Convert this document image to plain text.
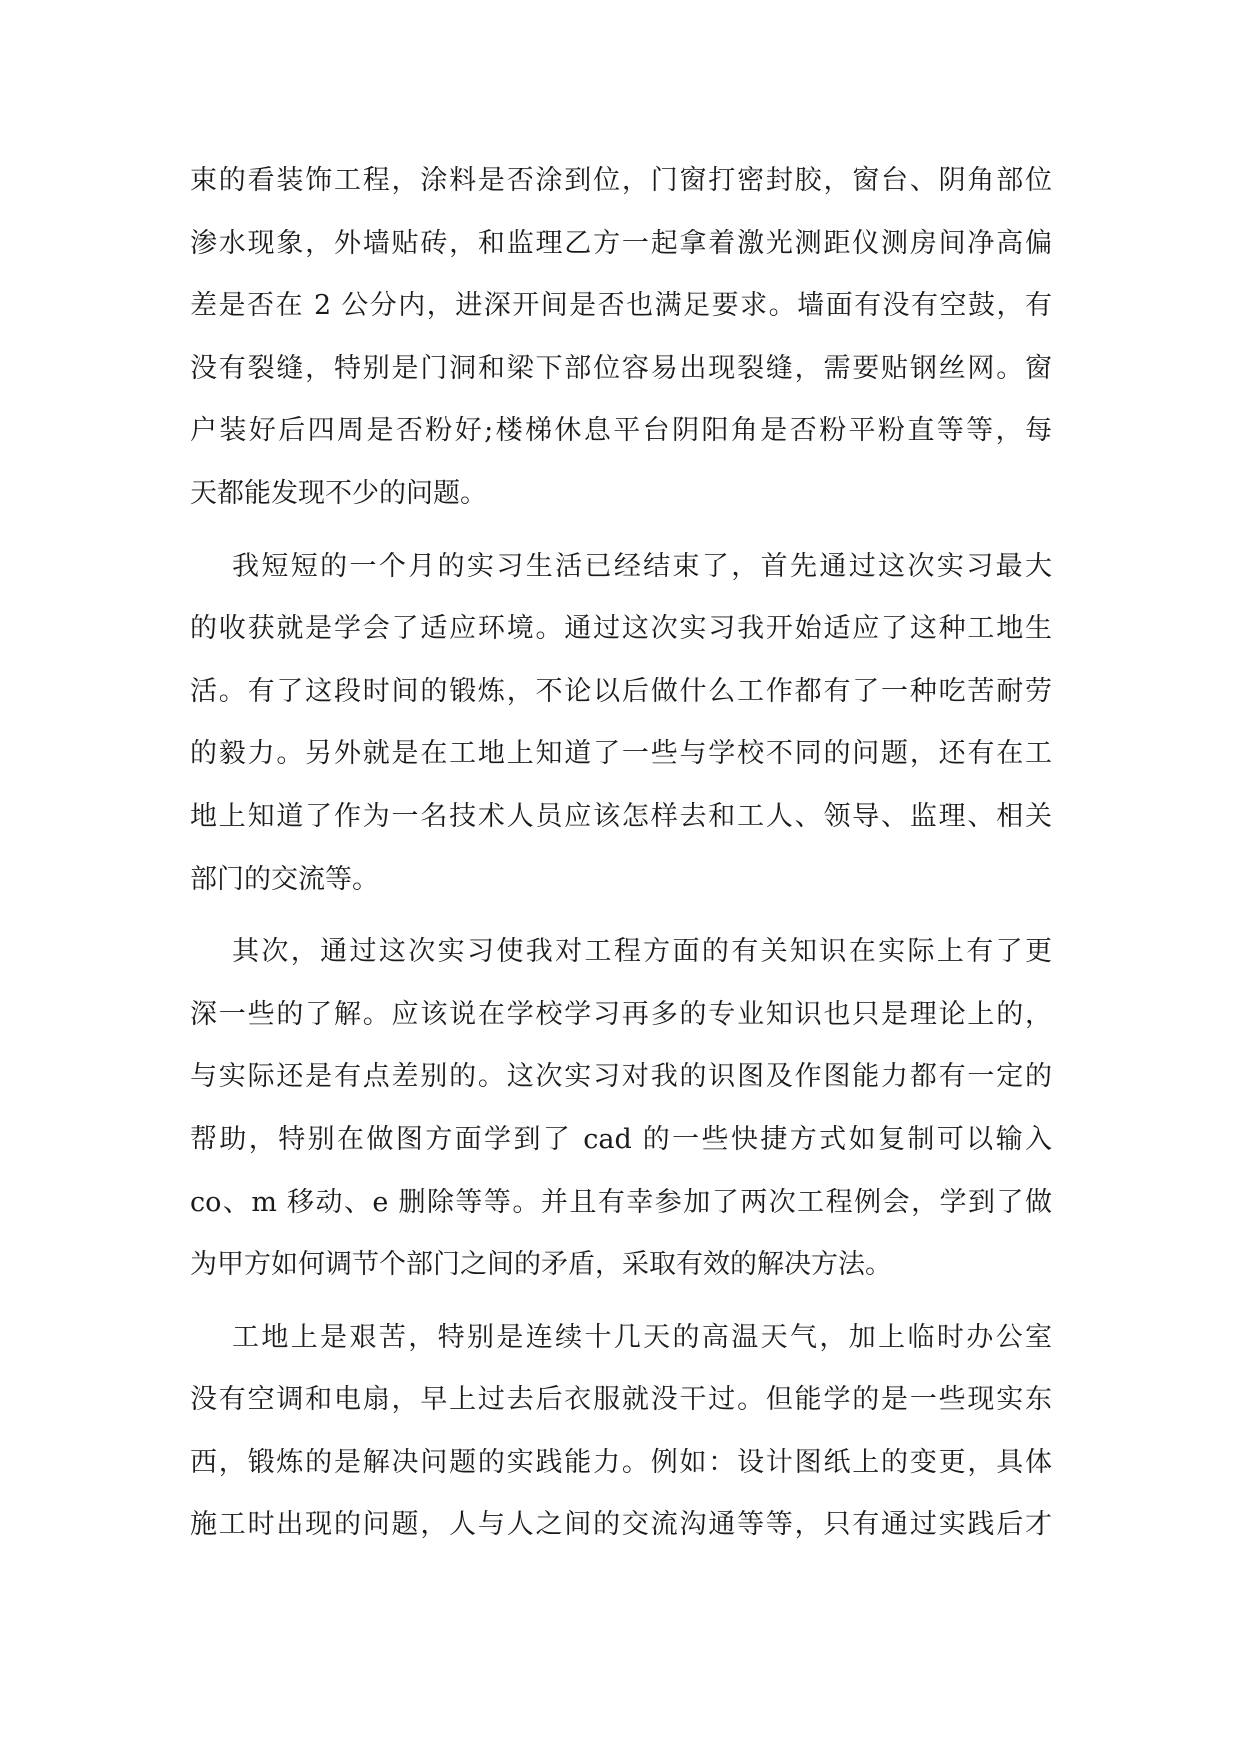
束的看装饰工程，涂料是否涂到位，门窗打密封胶，窗台、阴角部位
渗水现象，外墙贴砖，和监理乙方一起拿着激光测距仪测房间净高偏
差是否在 2 公分内，进深开间是否也满足要求。墙面有没有空鼓，有
没有裂缝，特别是门洞和梁下部位容易出现裂缝，需要贴钢丝网。窗
户装好后四周是否粉好;楼梯休息平台阴阳角是否粉平粉直等等，每
天都能发现不少的问题。
我短短的一个月的实习生活已经结束了，首先通过这次实习最大
的收获就是学会了适应环境。通过这次实习我开始适应了这种工地生
活。有了这段时间的锻炼，不论以后做什么工作都有了一种吃苦耐劳
的毅力。另外就是在工地上知道了一些与学校不同的问题，还有在工
地上知道了作为一名技术人员应该怎样去和工人、领导、监理、相关
部门的交流等。
其次，通过这次实习使我对工程方面的有关知识在实际上有了更
深一些的了解。应该说在学校学习再多的专业知识也只是理论上的，
与实际还是有点差别的。这次实习对我的识图及作图能力都有一定的
帮助，特别在做图方面学到了 cad 的一些快捷方式如复制可以输入
co、m 移动、e 删除等等。并且有幸参加了两次工程例会，学到了做
为甲方如何调节个部门之间的矛盾，采取有效的解决方法。
工地上是艰苦，特别是连续十几天的高温天气，加上临时办公室
没有空调和电扇，早上过去后衣服就没干过。但能学的是一些现实东
西，锻炼的是解决问题的实践能力。例如：设计图纸上的变更，具体
施工时出现的问题，人与人之间的交流沟通等等，只有通过实践后才
